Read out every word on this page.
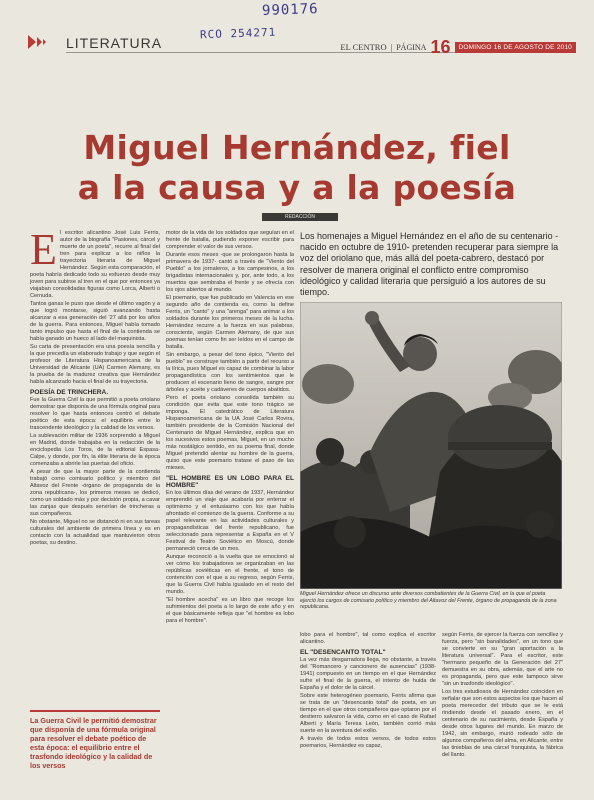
990176
RCO 254271
LITERATURA	EL CENTRO | PÁGINA 16	DOMINGO 16 DE AGOSTO DE 2010
Miguel Hernández, fiel
a la causa y a la poesía
REDACCIÓN

El escritor alicantino José Luis Ferris, autor de la biografía "Pasiones, cárcel y muerte de un poeta", recurre al final del tren para explicar a los niños la trayectoria literaria de Miguel Hernández. Según esta comparación, el poeta habría dedicado todo su esfuerzo desde muy joven para subirse al tren en el que por entonces ya viajaban consolidadas figuras como Lorca, Alberti o Cernuda.

Tantos ganas le puso que desde el último vagón y a que logró montarse, siguió avanzando hasta alcanzar a esa generación del '27 allá por los años de la guerra. Para entonces, Miguel había tomado tanto impulso que hasta el final de la contienda se había ganado un hueco al lado del maquinista.

Su carta de presentación era una poesía sencilla y la que precedía un elaborado trabajo y que según el profesor de Literatura Hispanoamericana de la Universidad de Alicante (UA) Carmen Alemany, es la prueba de la madurez creativa que Hernández había alcanzado hacia el final de su trayectoria.

POESÍA DE TRINCHERA.

Fue la Guerra Civil la que permitió a poeta oriolano demostrar que disponía de una fórmula original para resolver lo que hasta entonces centró el debate poético de esta época: el equilibrio entre lo trascendente ideológico y la calidad de los versos.

La sublevación militar de 1936 sorprendió a Miguel en Madrid, donde trabajaba en la redacción de la enciclopedia Los Toros, de la editorial Espasa-Calpe, y donde, por fin, la élite literaria de la época comenzaba a abrirle las puertas del oficio.

A pesar de que la mayor parte de la contienda trabajó como comisario político y miembro del Altavoz del Frente -órgano de propaganda de la zona republicana-, los primeros meses se dedicó, como un soldado más y por decisión propia, a cavar las zanjas que después servirían de trincheras a sus compañeros.

No obstante, Miguel no se distanció ni en sus tareas culturales del ambiente de primera línea y es en contacto con la actualidad que mantuvieron otros poetas, su destino.

La Guerra Civil le permitió demostrar que disponía de una fórmula original para resolver el debate poético de esta época: el equilibrio entre el trasfondo ideológico y la calidad de los versos

motor de la vida de los soldados que seguían en el frente de batalla, pudiendo exponer escribir para comprender el valor de sus versos.

Durante esos meses -que se prolongaron hasta la primavera de 1937- cantó a través de "Viento del Pueblo" a los jornaleros, a los campesinos, a los brigadistas internacionales y, por, ante todo, a los muertos que sembraba el frente y se ofrecía con los ojos abiertos al mundo.

El poemario, que fue publicado en Valencia en ese segundo año de contienda es, como la define Ferris, un "canto" y una "arenga" para animar a los soldados durante los primeros meses de la lucha. Hernández recurre a la fuerza en sus palabras, consciente, según Carmen Alemany, de que sus poemas tenían como fin ser leídos en el campo de batalla.

Sin embargo, a pesar del tono épico, "Viento del pueblo" se construye también a partir del recurso a la lírica, pues Miguel es capaz de combinar la labor propagandística con los sentimientos que le producen el escenario lleno de sangre, sangre por árboles y aceite y cadáveres de cuerpos abatidos.

Pero el poeta oriolano consolida también su condición que evita que este tono trágico se imponga. El catedrático de Literatura Hispanoamericana de la UA José Carlos Rovira, también presidente de la Comisión Nacional del Centenario de Miguel Hernández, explica que en los sucesivos estos poemas, Miguel, en un mucho más nostálgico sentido, en su poema final, donde Miguel pretendió alentar su hombre de la guerra, quiso que este poemario tratase el paso de las mieses.

"EL HOMBRE ES UN LOBO PARA EL HOMBRE"

En los últimos días del verano de 1937, Hernández emprendió un viaje que acabaría por enterrar el optimismo y el entusiasmo con los que había afrontado el comienzo de la guerra. Conforme a su papel relevante en las actividades culturales y propagandísticas del frente republicano, fue seleccionado para representar a España en el V Festival de Teatro Soviético en Moscú, donde permaneció cerca de un mes.

Aunque reconoció a la vuelta que se emocionó al ver cómo los trabajadores se organizaban en las repúblicas soviéticas en el frente, el tono de contención con el que a su regreso, según Ferris, que la Guerra Civil había igualado en el resto del mundo.

"El hombre acecha" es un libro que recoge los sufrimientos del poeta a lo largo de este año y en el que básicamente refleja que "el hombre es lobo para el hombre".

Los homenajes a Miguel Hernández en el año de su centenario -nacido en octubre de 1910- pretenden recuperar para siempre la voz del oriolano que, más allá del poeta-cabrero, destacó por resolver de manera original el conflicto entre compromiso ideológico y calidad literaria que persiguió a los autores de su tiempo.
Miguel Hernández ofrece un discurso ante diversos combatientes de la Guerra Civil, en la que el poeta ejerció los cargos de comisario político y miembro del Altavoz del Frente, órgano de propaganda de la zona republicana.

lobo para el hombre", tal como explica el escritor alicantino.

EL "DESENCANTO TOTAL"

La vez más desgarradora llega, no obstante, a través del "Romancero y cancionero de ausencias" (1938-1941) compuesto en un tiempo en el que Hernández sufre el final de la guerra, el intento de huida de España y el dolor de la cárcel.

Sobre este heterogéneo poemario, Ferris afirma que se trata de un "desencanto total" de poeta, en un tiempo en el que otros compañeros que optaron por el destierro salvaron la vida, como en el caso de Rafael Alberti y María Teresa León, también corrió más suerte en la aventura del exilio.

A través de todos estos versos, de todos estos poemarios, Hernández es capaz,

según Ferris, de ejercer la fuerza con sencillez y fuerza, pero "sin banalidades", en un tono que se convierte en su "gran aportación a la literatura universal". Para el escritor, este "hermano pequeño de la Generación del 27" demuestra en su obra, además, que el arte no es propaganda, pero que este tampoco sirve "sin un trasfondo ideológico".

Los tres estudiosos de Hernández coinciden en señalar que son estos aspectos los que hacen al poeta merecedor del tributo que se le está rindiendo desde el pasado enero, en el centenario de su nacimiento, desde España y desde otros lugares del mundo. En marzo de 1942, sin embargo, murió rodeado sólo de algunos compañeros del alma, en Alicante, entre las tinieblas de una cárcel franquista, la fábrica del llanto.
